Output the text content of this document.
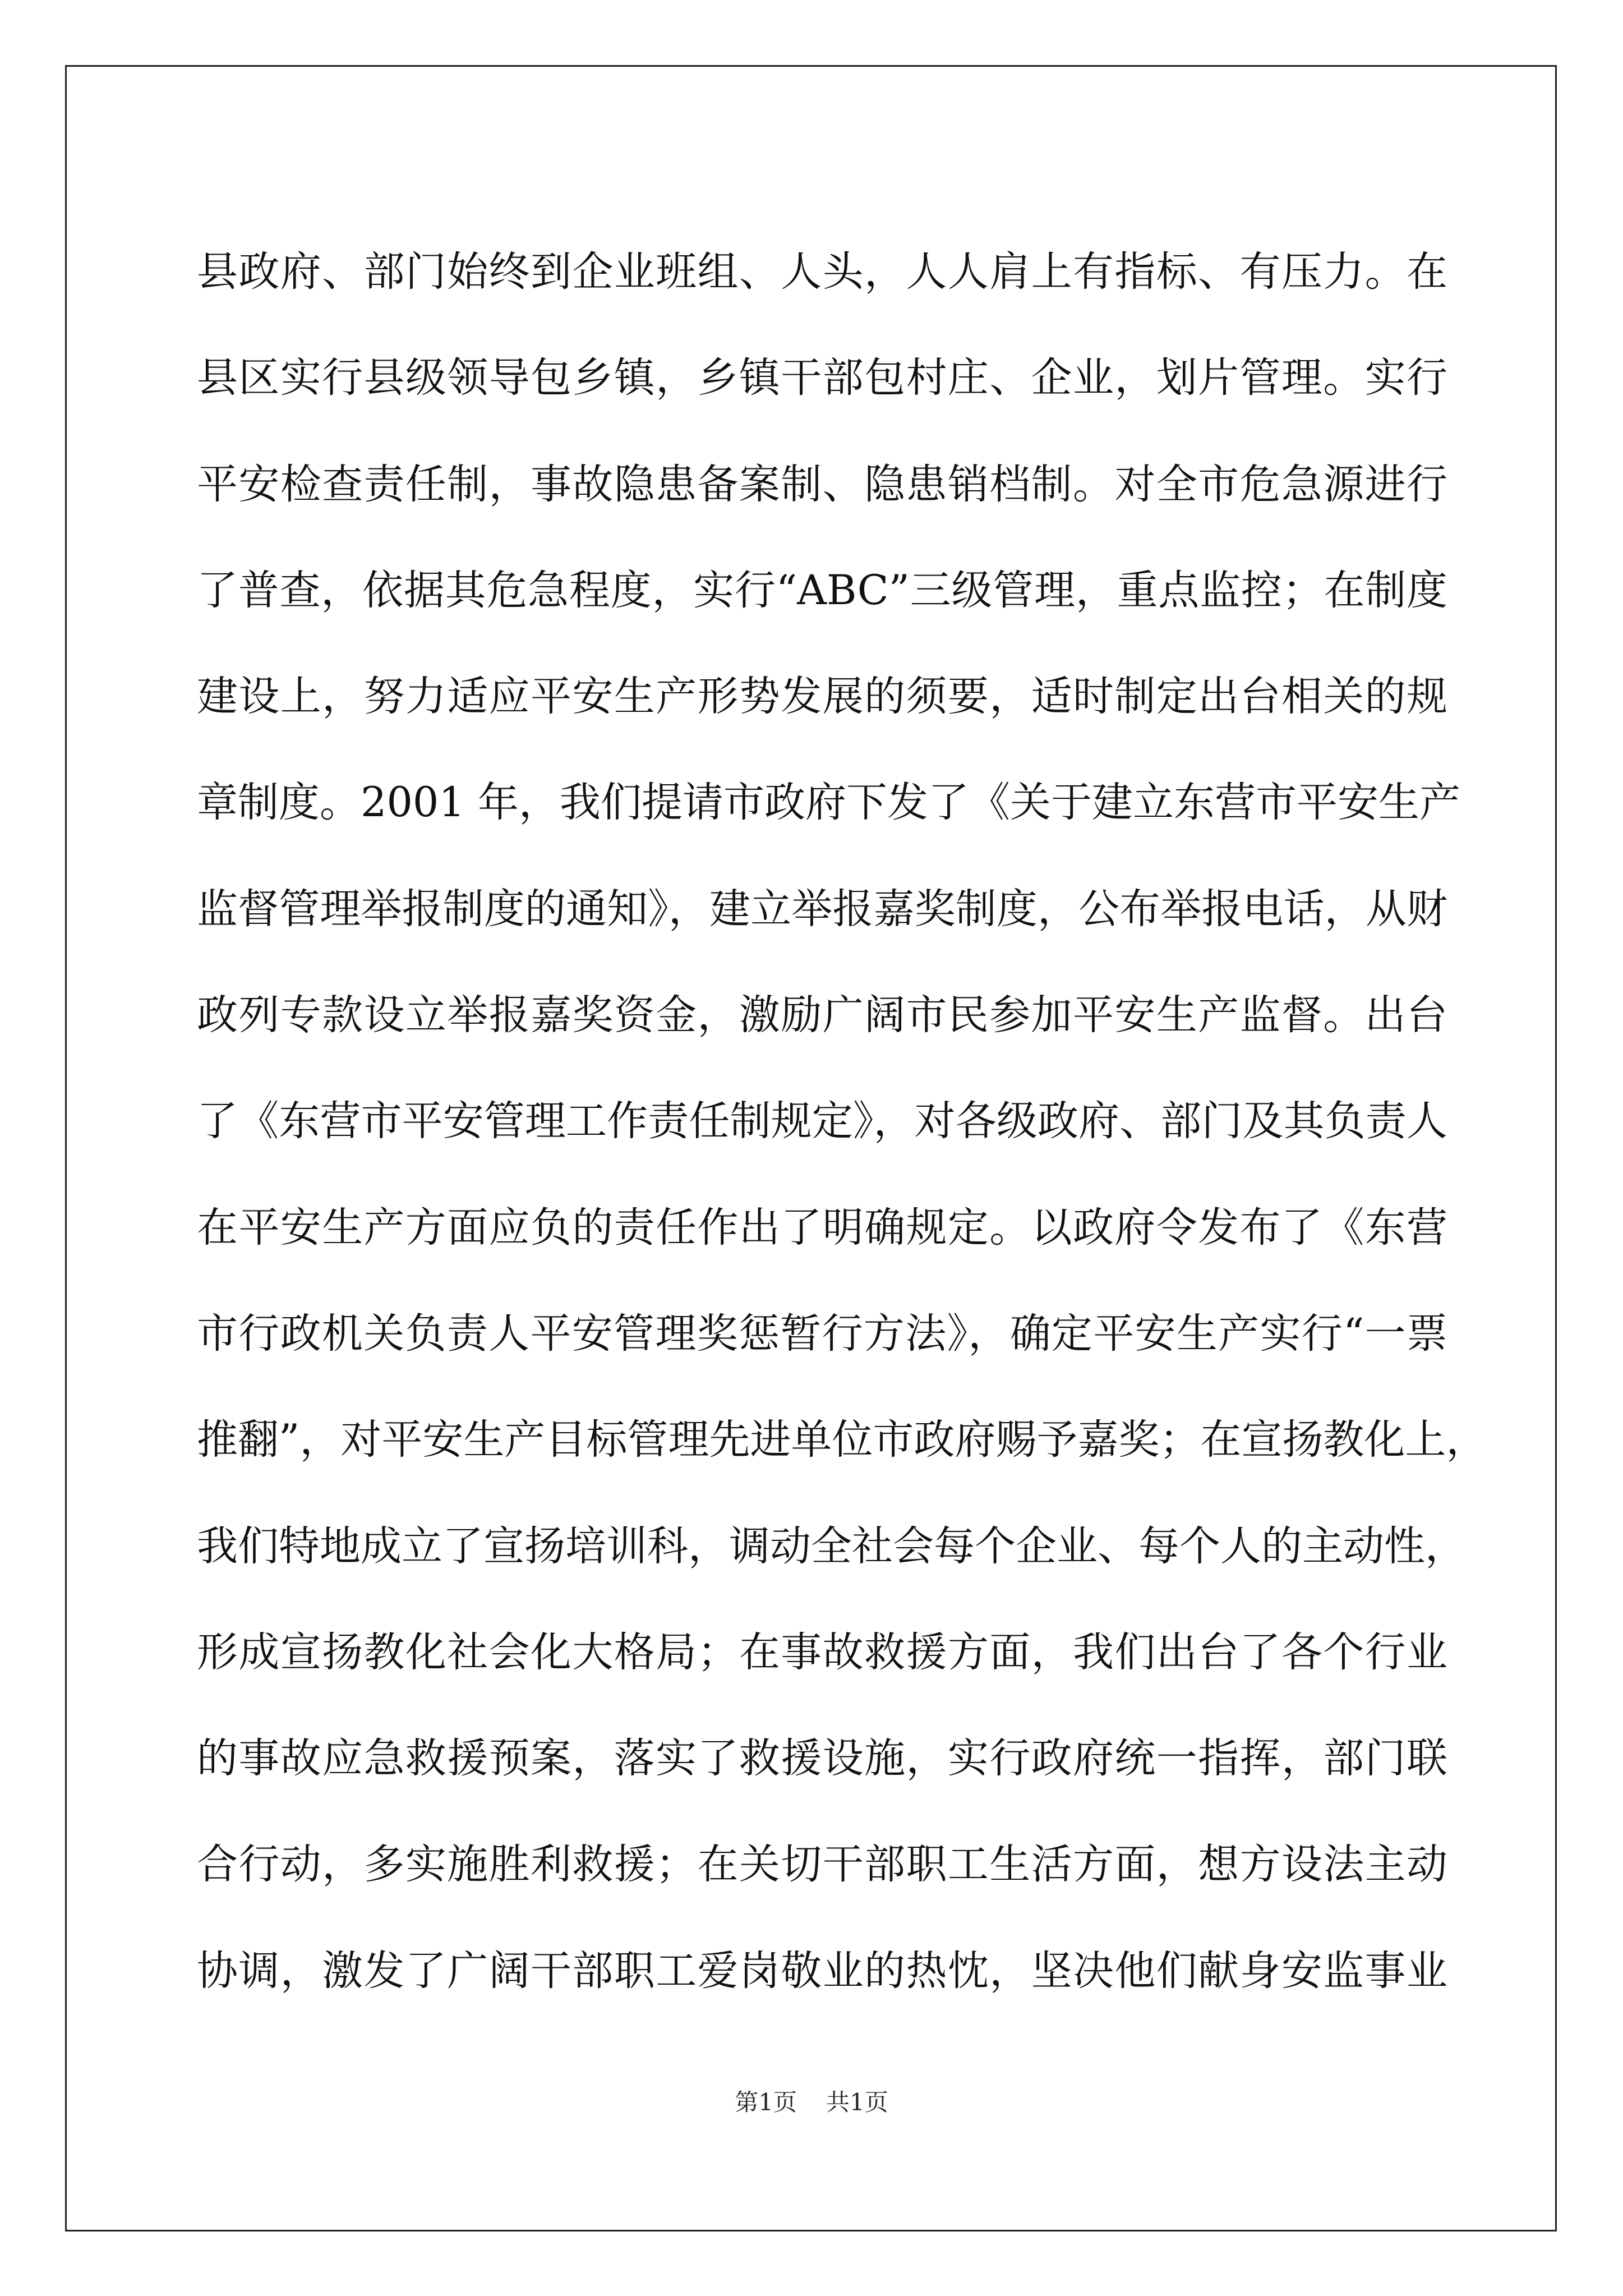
县政府、部门始终到企业班组、人头，人人肩上有指标、有压力。在
县区实行县级领导包乡镇，乡镇干部包村庄、企业，划片管理。实行
平安检查责任制，事故隐患备案制、隐患销档制。对全市危急源进行
了普查，依据其危急程度，实行“ABC”三级管理，重点监控；在制度
建设上，努力适应平安生产形势发展的须要，适时制定出台相关的规
章制度。2001 年，我们提请市政府下发了《关于建立东营市平安生产
监督管理举报制度的通知》，建立举报嘉奖制度，公布举报电话，从财
政列专款设立举报嘉奖资金，激励广阔市民参加平安生产监督。出台
了《东营市平安管理工作责任制规定》，对各级政府、部门及其负责人
在平安生产方面应负的责任作出了明确规定。以政府令发布了《东营
市行政机关负责人平安管理奖惩暂行方法》，确定平安生产实行“一票
推翻”，对平安生产目标管理先进单位市政府赐予嘉奖；在宣扬教化上，
我们特地成立了宣扬培训科，调动全社会每个企业、每个人的主动性，
形成宣扬教化社会化大格局；在事故救援方面，我们出台了各个行业
的事故应急救援预案，落实了救援设施，实行政府统一指挥，部门联
合行动，多实施胜利救援；在关切干部职工生活方面，想方设法主动
协调，激发了广阔干部职工爱岗敬业的热忱，坚决他们献身安监事业
第1页 共1页
